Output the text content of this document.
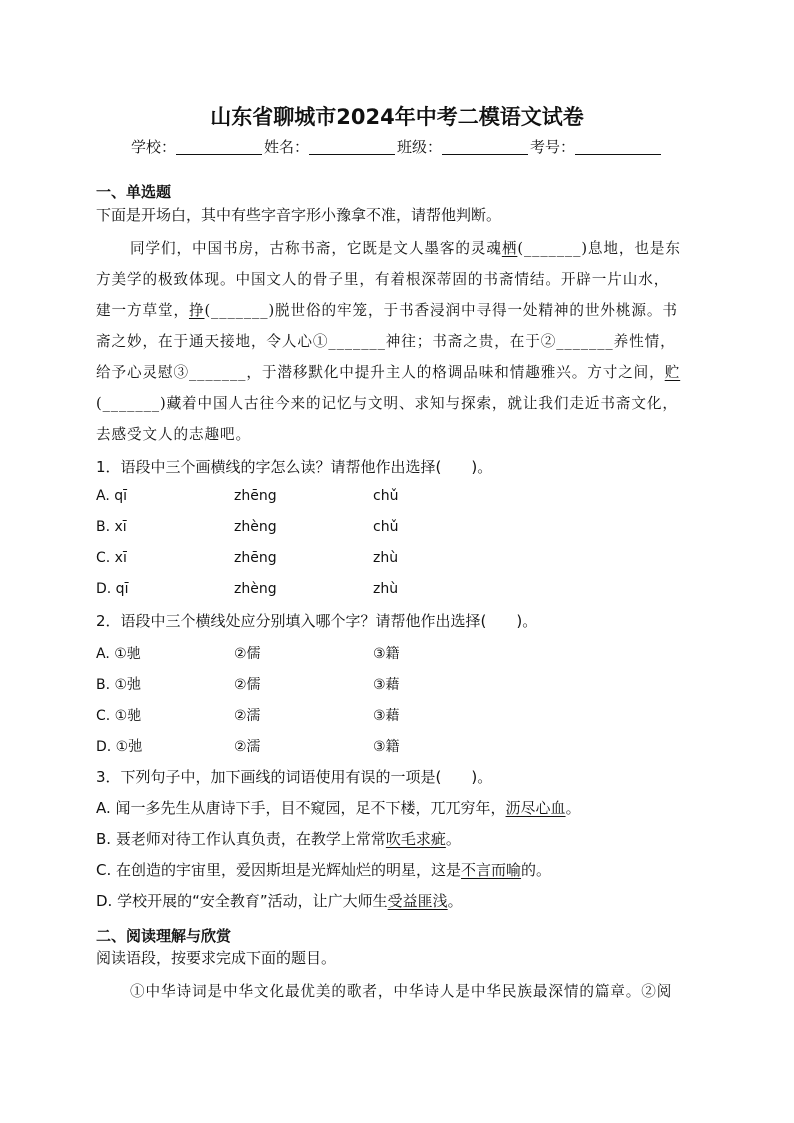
山东省聊城市2024年中考二模语文试卷
学校：	姓名：	班级：	考号：
一、单选题
下面是开场白，其中有些字音字形小豫拿不准，请帮他判断。
同学们，中国书房，古称书斋，它既是文人墨客的灵魂栖(_______)息地，也是东
方美学的极致体现。中国文人的骨子里，有着根深蒂固的书斋情结。开辟一片山水，
建一方草堂，挣(_______)脱世俗的牢笼，于书香浸润中寻得一处精神的世外桃源。书
斋之妙，在于通天接地，令人心①_______神往；书斋之贵，在于②_______养性情，
给予心灵慰③_______，于潜移默化中提升主人的格调品味和情趣雅兴。方寸之间，贮
(_______)藏着中国人古往今来的记忆与文明、求知与探索，就让我们走近书斋文化，
去感受文人的志趣吧。
1．语段中三个画横线的字怎么读？请帮他作出选择(　　)。
A. qī	zhēng	chǔ
B. xī	zhèng	chǔ
C. xī	zhēng	zhù
D. qī	zhèng	zhù
2．语段中三个横线处应分别填入哪个字？请帮他作出选择(　　)。
A. ①驰	②儒	③籍
B. ①弛	②儒	③藉
C. ①驰	②濡	③藉
D. ①弛	②濡	③籍
3．下列句子中，加下画线的词语使用有误的一项是(　　)。
A. 闻一多先生从唐诗下手，目不窥园，足不下楼，兀兀穷年，沥尽心血。
B. 聂老师对待工作认真负责，在教学上常常吹毛求疵。
C. 在创造的宇宙里，爱因斯坦是光辉灿烂的明星，这是不言而喻的。
D. 学校开展的“安全教育”活动，让广大师生受益匪浅。
二、阅读理解与欣赏
阅读语段，按要求完成下面的题目。
①中华诗词是中华文化最优美的歌者，中华诗人是中华民族最深情的篇章。②阅
